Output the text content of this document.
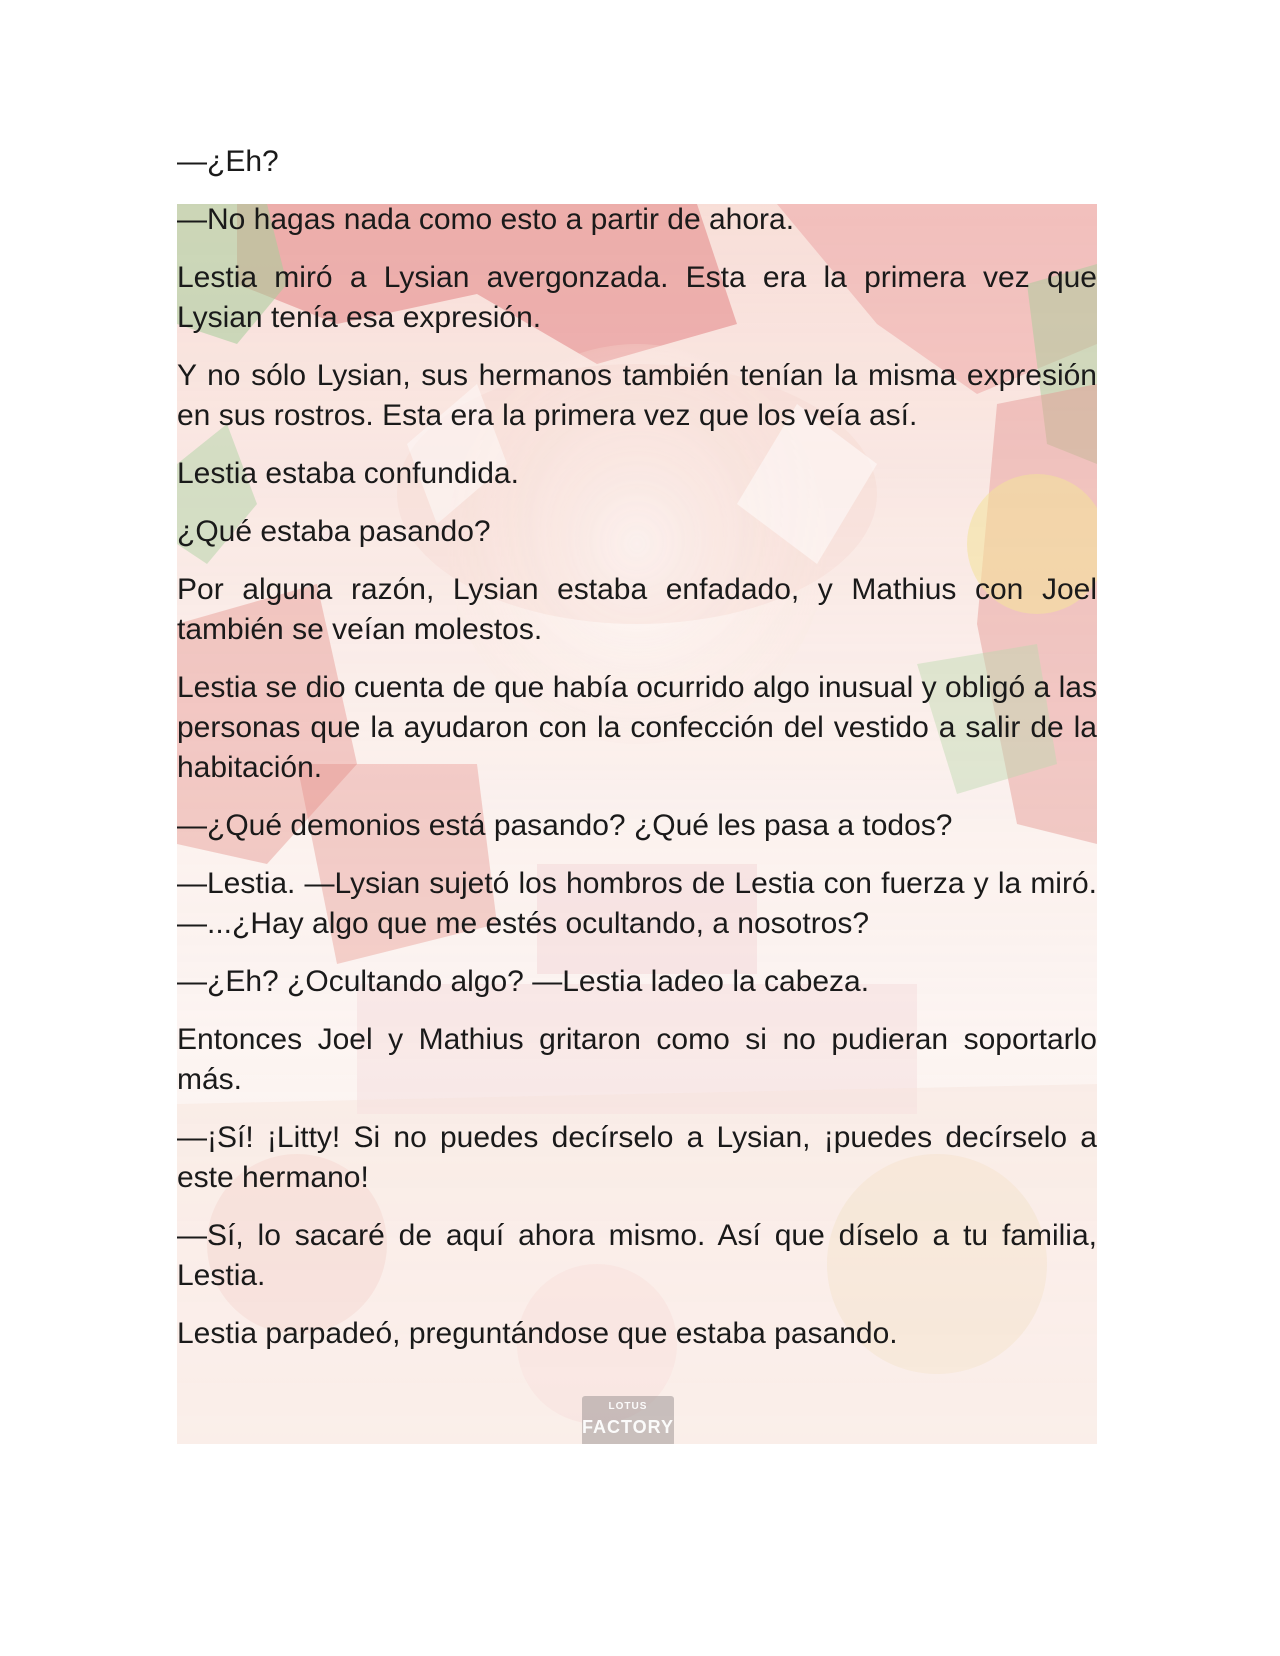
LOTUS
FACTORY

—¿Eh?

—No hagas nada como esto a partir de ahora.

Lestia miró a Lysian avergonzada. Esta era la primera vez que Lysian tenía esa expresión.

Y no sólo Lysian, sus hermanos también tenían la misma expresión en sus rostros. Esta era la primera vez que los veía así.

Lestia estaba confundida.

¿Qué estaba pasando?

Por alguna razón, Lysian estaba enfadado, y Mathius con Joel también se veían molestos.

Lestia se dio cuenta de que había ocurrido algo inusual y obligó a las personas que la ayudaron con la confección del vestido a salir de la habitación.

—¿Qué demonios está pasando? ¿Qué les pasa a todos?

—Lestia. —Lysian sujetó los hombros de Lestia con fuerza y la miró. —...¿Hay algo que me estés ocultando, a nosotros?

—¿Eh? ¿Ocultando algo? —Lestia ladeo la cabeza.

Entonces Joel y Mathius gritaron como si no pudieran soportarlo más.

—¡Sí! ¡Litty! Si no puedes decírselo a Lysian, ¡puedes decírselo a este hermano!

—Sí, lo sacaré de aquí ahora mismo. Así que díselo a tu familia, Lestia.

Lestia parpadeó, preguntándose que estaba pasando.
